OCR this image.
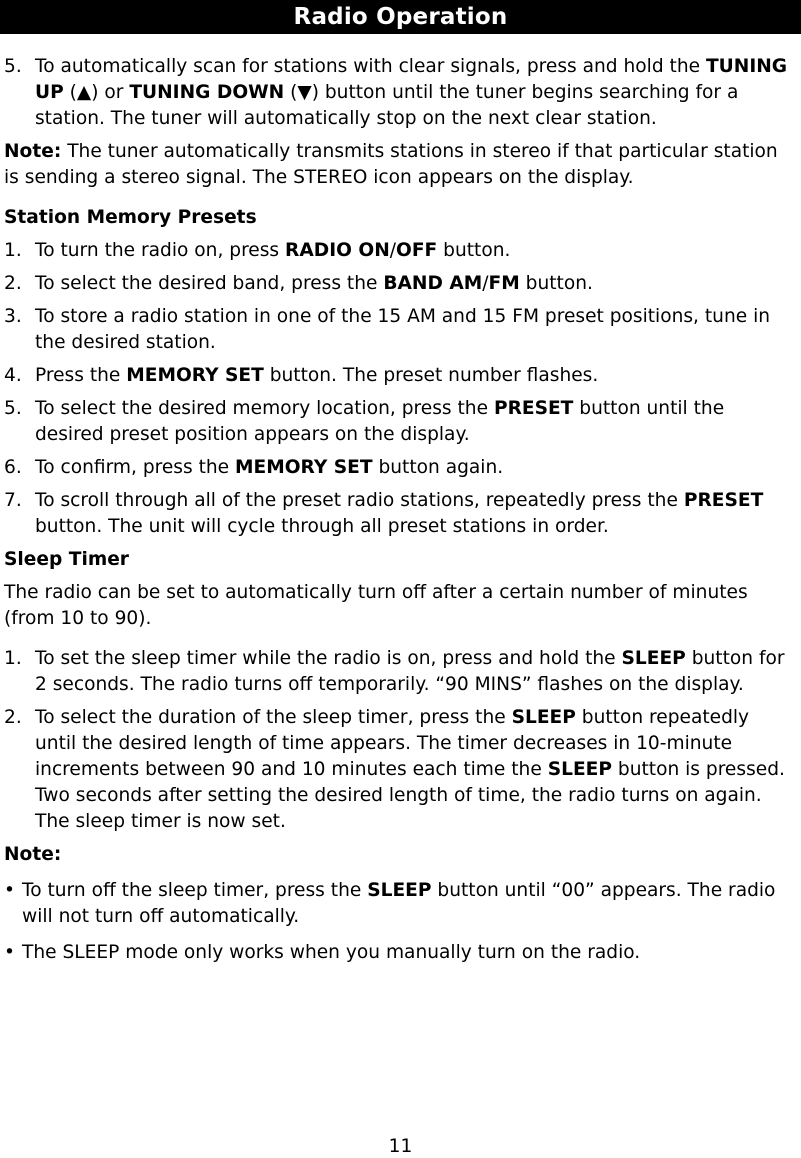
Radio Operation
5. To automatically scan for stations with clear signals, press and hold the TUNING UP (▲) or TUNING DOWN (▼) button until the tuner begins searching for a station. The tuner will automatically stop on the next clear station.
Note: The tuner automatically transmits stations in stereo if that particular station is sending a stereo signal. The STEREO icon appears on the display.
Station Memory Presets
1. To turn the radio on, press RADIO ON/OFF button.
2. To select the desired band, press the BAND AM/FM button.
3. To store a radio station in one of the 15 AM and 15 FM preset positions, tune in the desired station.
4. Press the MEMORY SET button. The preset number flashes.
5. To select the desired memory location, press the PRESET button until the desired preset position appears on the display.
6. To confirm, press the MEMORY SET button again.
7. To scroll through all of the preset radio stations, repeatedly press the PRESET button. The unit will cycle through all preset stations in order.
Sleep Timer
The radio can be set to automatically turn off after a certain number of minutes (from 10 to 90).
1. To set the sleep timer while the radio is on, press and hold the SLEEP button for 2 seconds. The radio turns off temporarily. “90 MINS” flashes on the display.
2. To select the duration of the sleep timer, press the SLEEP button repeatedly until the desired length of time appears. The timer decreases in 10-minute increments between 90 and 10 minutes each time the SLEEP button is pressed. Two seconds after setting the desired length of time, the radio turns on again. The sleep timer is now set.
Note:
• To turn off the sleep timer, press the SLEEP button until “00” appears. The radio will not turn off automatically.
• The SLEEP mode only works when you manually turn on the radio.
11
